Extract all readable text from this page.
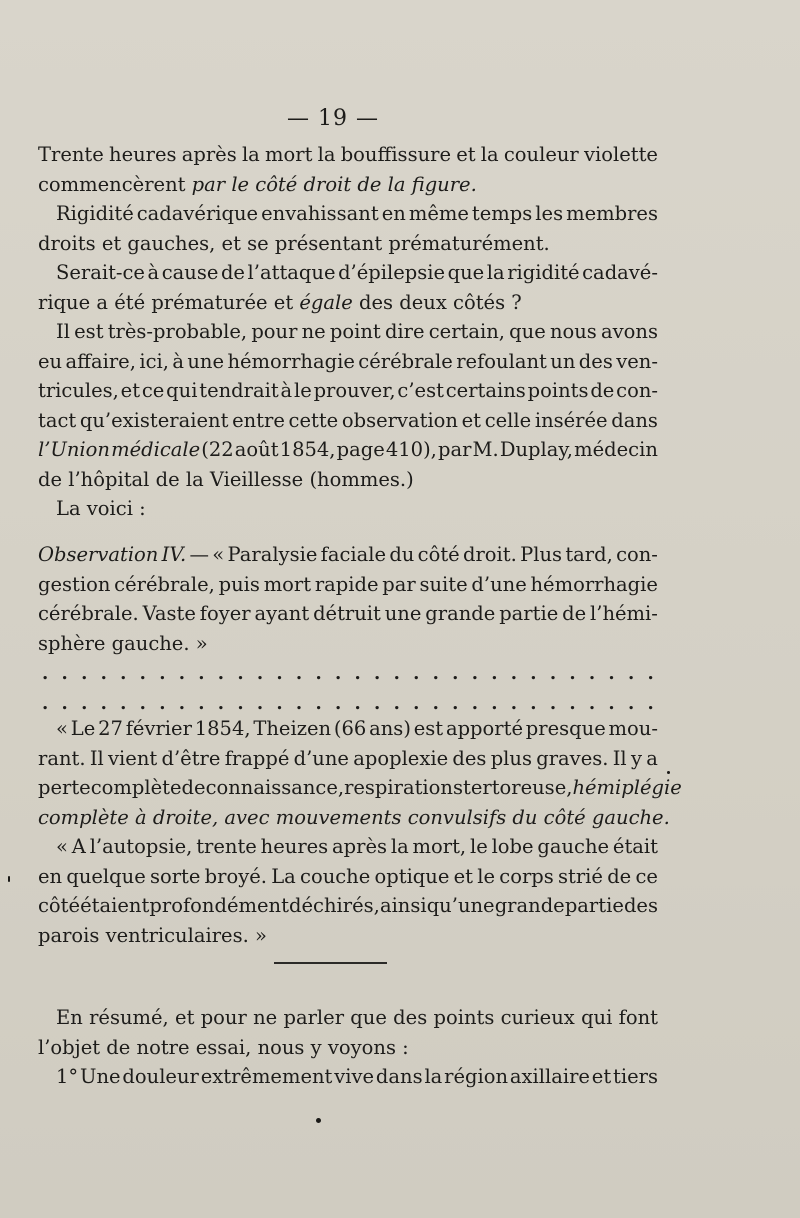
— 19 —
Trente heures après la mort la bouffissure et la couleur violette
commencèrent
par
le
côté
droit
de
la
figure.
Rigidité cadavérique envahissant en même temps les membres
droits
et
gauches,
et
se
présentant
prématurément.
Serait-ce à cause de l’attaque d’épilepsie que la rigidité cadavé-
rique
a
été
prématurée
et
égale
des
deux
côtés
?
Il est très-probable, pour ne point dire certain, que nous avons
eu affaire, ici, à une hémorrhagie cérébrale refoulant un des ven-
tricules, et ce qui tendrait à le prouver, c’est certains points de con-
tact qu’existeraient entre cette observation et celle insérée dans
l’Union médicale (22 août 1854, page 410), par M. Duplay, médecin
de
l’hôpital
de
la
Vieillesse
(hommes.)
La
voici
:
Observation IV. — « Paralysie faciale du côté droit. Plus tard, con-
gestion cérébrale, puis mort rapide par suite d’une hémorrhagie
cérébrale. Vaste foyer ayant détruit une grande partie de l’hémi-
sphère
gauche.
»
. . . . . . . . . . . . . . . . . . . . . . . . . . . . . . . .
. . . . . . . . . . . . . . . . . . . . . . . . . . . . . . . .
« Le 27 février 1854, Theizen (66 ans) est apporté presque mou-
rant. Il vient d’être frappé d’une apoplexie des plus graves. Il y a
perte complète de connaissance, respiration stertoreuse, hémiplégie
complète
à
droite,
avec
mouvements
convulsifs
du
côté
gauche.
« A l’autopsie, trente heures après la mort, le lobe gauche était
en quelque sorte broyé. La couche optique et le corps strié de ce
côté étaient profondément déchirés, ainsi qu’une grande partie des
parois
ventriculaires.
»
En résumé, et pour ne parler que des points curieux qui font
l’objet
de
notre
essai,
nous
y
voyons
:
1° Une douleur extrêmement vive dans la région axillaire et tiers
